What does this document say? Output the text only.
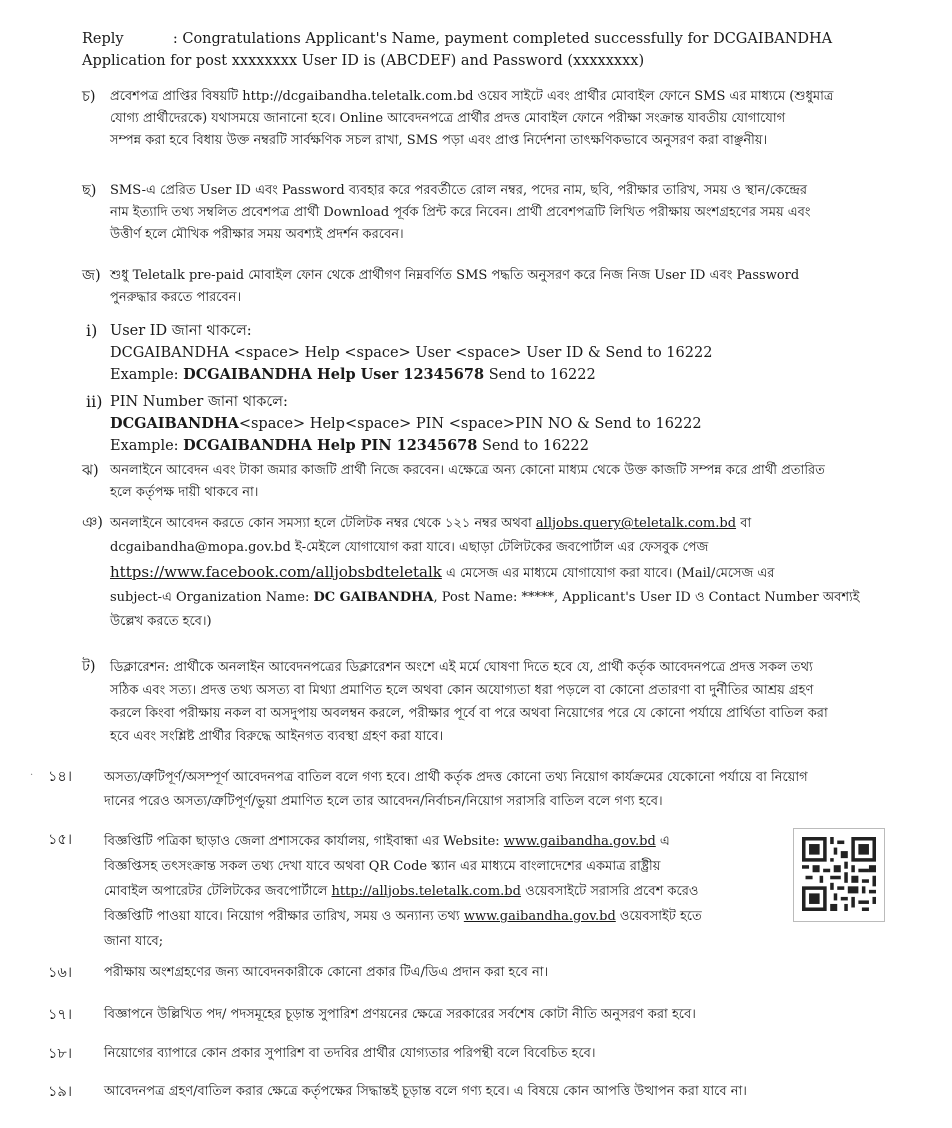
Reply	: Congratulations Applicant's Name, payment completed successfully for DCGAIBANDHA
Application for post xxxxxxxx User ID is (ABCDEF) and Password (xxxxxxxx)
চ) প্রবেশপত্র প্রাপ্তির বিষয়টি http://dcgaibandha.teletalk.com.bd ওয়েব সাইটে এবং প্রার্থীর মোবাইল ফোনে SMS এর মাধ্যমে (শুধুমাত্র
যোগ্য প্রার্থীদেরকে) যথাসময়ে জানানো হবে। Online আবেদনপত্রে প্রার্থীর প্রদত্ত মোবাইল ফোনে পরীক্ষা সংক্রান্ত যাবতীয় যোগাযোগ
সম্পন্ন করা হবে বিধায় উক্ত নম্বরটি সার্বক্ষণিক সচল রাখা, SMS পড়া এবং প্রাপ্ত নির্দেশনা তাৎক্ষণিকভাবে অনুসরণ করা বাঞ্ছনীয়।
ছ) SMS-এ প্রেরিত User ID এবং Password ব্যবহার করে পরবর্তীতে রোল নম্বর, পদের নাম, ছবি, পরীক্ষার তারিখ, সময় ও স্থান/কেন্দ্রের
নাম ইত্যাদি তথ্য সম্বলিত প্রবেশপত্র প্রার্থী Download পূর্বক প্রিন্ট করে নিবেন। প্রার্থী প্রবেশপত্রটি লিখিত পরীক্ষায় অংশগ্রহণের সময় এবং
উত্তীর্ণ হলে মৌখিক পরীক্ষার সময় অবশ্যই প্রদর্শন করবেন।
জ) শুধু Teletalk pre-paid মোবাইল ফোন থেকে প্রার্থীগণ নিম্নবর্ণিত SMS পদ্ধতি অনুসরণ করে নিজ নিজ User ID এবং Password
পুনরুদ্ধার করতে পারবেন।
i) User ID জানা থাকলে:
DCGAIBANDHA <space> Help <space> User <space> User ID & Send to 16222
Example: DCGAIBANDHA Help User 12345678 Send to 16222
ii) PIN Number জানা থাকলে:
DCGAIBANDHA<space> Help<space> PIN <space>PIN NO & Send to 16222
Example: DCGAIBANDHA Help PIN 12345678 Send to 16222
ঝ) অনলাইনে আবেদন এবং টাকা জমার কাজটি প্রার্থী নিজে করবেন। এক্ষেত্রে অন্য কোনো মাধ্যম থেকে উক্ত কাজটি সম্পন্ন করে প্রার্থী প্রতারিত
হলে কর্তৃপক্ষ দায়ী থাকবে না।
ঞ) অনলাইনে আবেদন করতে কোন সমস্যা হলে টেলিটক নম্বর থেকে ১২১ নম্বর অথবা alljobs.query@teletalk.com.bd বা
dcgaibandha@mopa.gov.bd ই-মেইলে যোগাযোগ করা যাবে। এছাড়া টেলিটকের জবপোর্টাল এর ফেসবুক পেজ
https://www.facebook.com/alljobsbdteletalk এ মেসেজ এর মাধ্যমে যোগাযোগ করা যাবে। (Mail/মেসেজ এর
subject-এ Organization Name: DC GAIBANDHA, Post Name: *****, Applicant's User ID ও Contact Number অবশ্যই
উল্লেখ করতে হবে।)
ট) ডিক্লারেশন: প্রার্থীকে অনলাইন আবেদনপত্রের ডিক্লারেশন অংশে এই মর্মে ঘোষণা দিতে হবে যে, প্রার্থী কর্তৃক আবেদনপত্রে প্রদত্ত সকল তথ্য
সঠিক এবং সত্য। প্রদত্ত তথ্য অসত্য বা মিথ্যা প্রমাণিত হলে অথবা কোন অযোগ্যতা ধরা পড়লে বা কোনো প্রতারণা বা দুর্নীতির আশ্রয় গ্রহণ
করলে কিংবা পরীক্ষায় নকল বা অসদুপায় অবলম্বন করলে, পরীক্ষার পূর্বে বা পরে অথবা নিয়োগের পরে যে কোনো পর্যায়ে প্রার্থিতা বাতিল করা
হবে এবং সংশ্লিষ্ট প্রার্থীর বিরুদ্ধে আইনগত ব্যবস্থা গ্রহণ করা যাবে।
· ১৪। অসত্য/ত্রুটিপূর্ণ/অসম্পূর্ণ আবেদনপত্র বাতিল বলে গণ্য হবে। প্রার্থী কর্তৃক প্রদত্ত কোনো তথ্য নিয়োগ কার্যক্রমের যেকোনো পর্যায়ে বা নিয়োগ
দানের পরেও অসত্য/ত্রুটিপূর্ণ/ভুয়া প্রমাণিত হলে তার আবেদন/নির্বাচন/নিয়োগ সরাসরি বাতিল বলে গণ্য হবে।
১৫। বিজ্ঞপ্তিটি পত্রিকা ছাড়াও জেলা প্রশাসকের কার্যালয়, গাইবান্ধা এর Website: www.gaibandha.gov.bd এ
বিজ্ঞপ্তিসহ তৎসংক্রান্ত সকল তথ্য দেখা যাবে অথবা QR Code স্ক্যান এর মাধ্যমে বাংলাদেশের একমাত্র রাষ্ট্রীয়
মোবাইল অপারেটর টেলিটকের জবপোর্টালে http://alljobs.teletalk.com.bd ওয়েবসাইটে সরাসরি প্রবেশ করেও
বিজ্ঞপ্তিটি পাওয়া যাবে। নিয়োগ পরীক্ষার তারিখ, সময় ও অন্যান্য তথ্য www.gaibandha.gov.bd ওয়েবসাইট হতে
জানা যাবে;
১৬। পরীক্ষায় অংশগ্রহণের জন্য আবেদনকারীকে কোনো প্রকার টিএ/ডিএ প্রদান করা হবে না।
১৭। বিজ্ঞাপনে উল্লিখিত পদ/ পদসমূহের চূড়ান্ত সুপারিশ প্রণয়নের ক্ষেত্রে সরকারের সর্বশেষ কোটা নীতি অনুসরণ করা হবে।
১৮। নিয়োগের ব্যাপারে কোন প্রকার সুপারিশ বা তদবির প্রার্থীর যোগ্যতার পরিপন্থী বলে বিবেচিত হবে।
১৯। আবেদনপত্র গ্রহণ/বাতিল করার ক্ষেত্রে কর্তৃপক্ষের সিদ্ধান্তই চূড়ান্ত বলে গণ্য হবে। এ বিষয়ে কোন আপত্তি উত্থাপন করা যাবে না।
